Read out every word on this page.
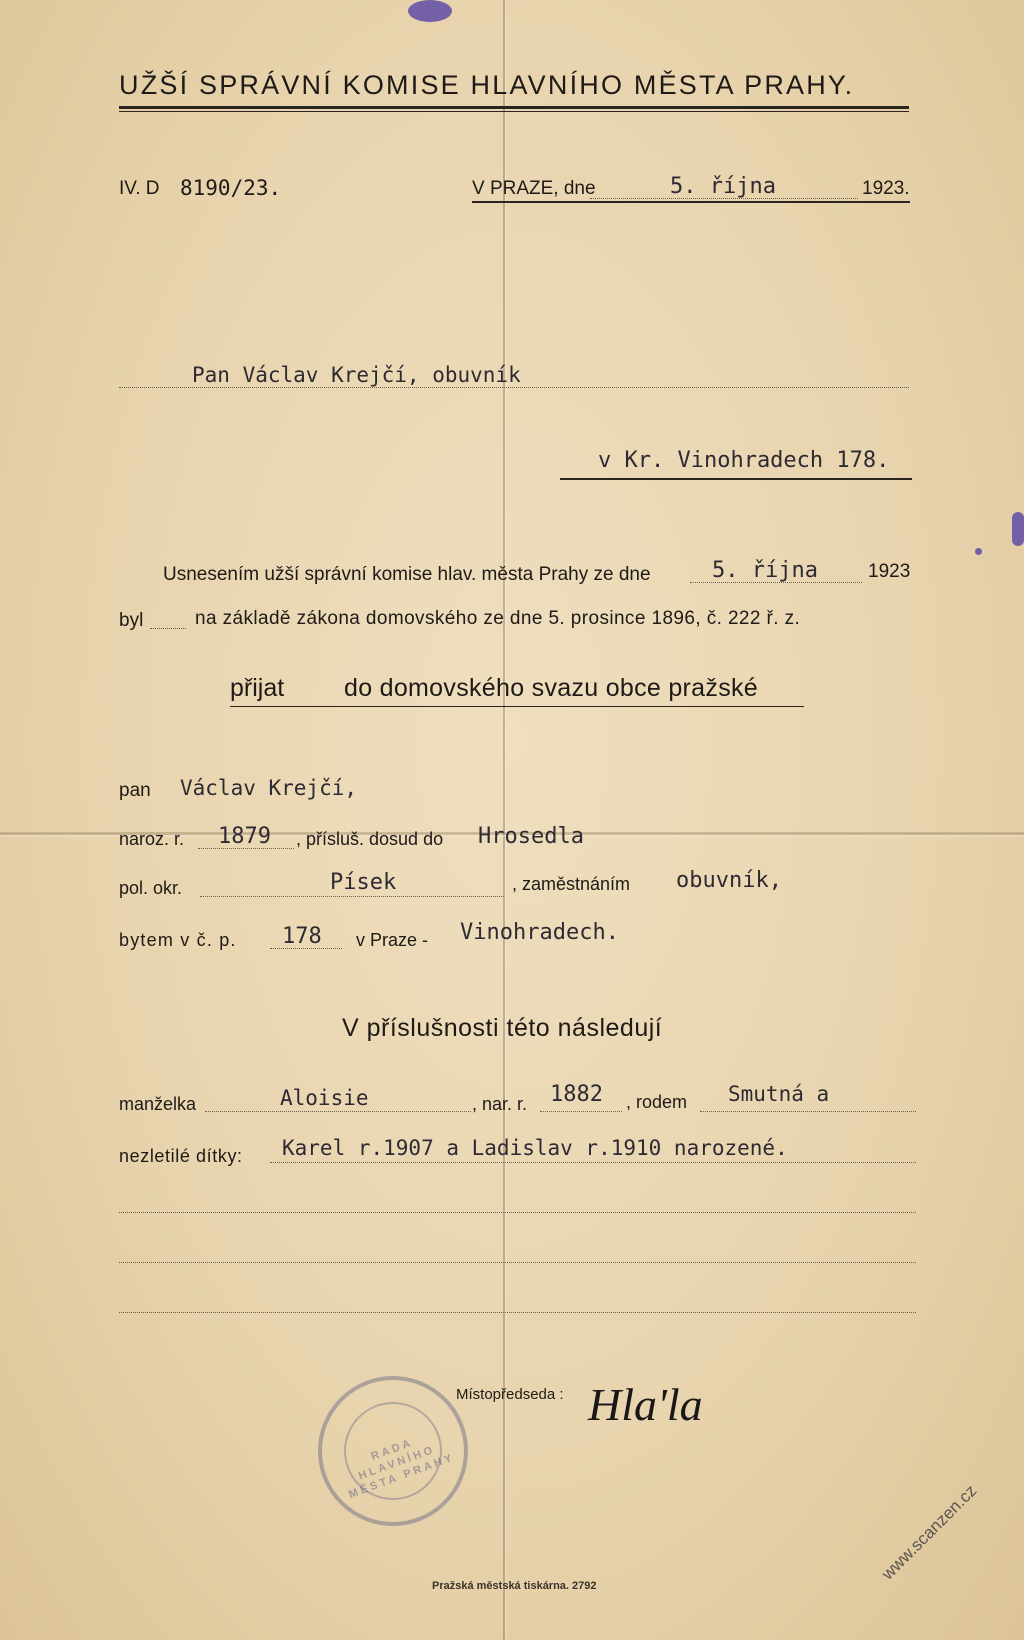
UŽŠÍ SPRÁVNÍ KOMISE HLAVNÍHO MĚSTA PRAHY.
IV. D 8190/23.	V PRAZE, dne	5. října	1923.
Pan Václav Krejčí, obuvník
v Kr. Vinohradech 178.
Usnesením užší správní komise hlav. města Prahy ze dne	5. října	1923
byl	na základě zákona domovského ze dne 5. prosince 1896, č. 222 ř. z.
přijat do domovského svazu obce pražské
pan Václav Krejčí,
naroz. r. 1879 , přísluš. dosud do Hrosedla
pol. okr.	Písek	, zaměstnáním obuvník,
bytem v č. p. 178 v Praze - Vinohradech.
V příslušnosti této následují
manželka	Aloisie	, nar. r. 1882 , rodem Smutná a
nezletilé dítky: Karel r.1907 a Ladislav r.1910 narozené.
Místopředseda : Hla'la
RADA HLAVNÍHO MĚSTA PRAHY
Pražská městská tiskárna. 2792
www.scanzen.cz
